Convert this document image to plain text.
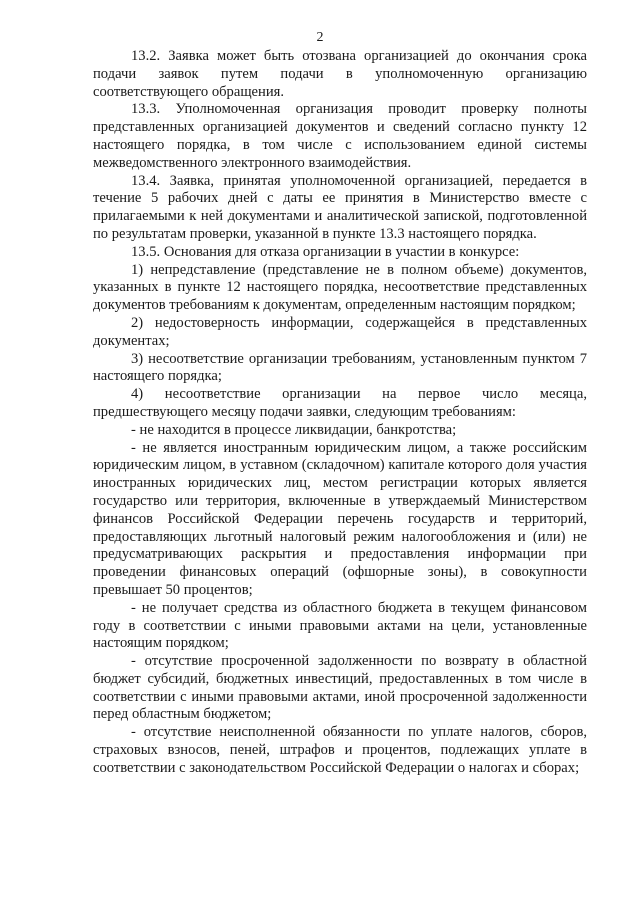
2

13.2. Заявка может быть отозвана организацией до окончания срока подачи заявок путем подачи в уполномоченную организацию соответствующего обращения.

13.3. Уполномоченная организация проводит проверку полноты представленных организацией документов и сведений согласно пункту 12 настоящего порядка, в том числе с использованием единой системы межведомственного электронного взаимодействия.

13.4. Заявка, принятая уполномоченной организацией, передается в течение 5 рабочих дней с даты ее принятия в Министерство вместе с прилагаемыми к ней документами и аналитической запиской, подготовленной по результатам проверки, указанной в пункте 13.3 настоящего порядка.

13.5. Основания для отказа организации в участии в конкурсе:

1) непредставление (представление не в полном объеме) документов, указанных в пункте 12 настоящего порядка, несоответствие представленных документов требованиям к документам, определенным настоящим порядком;

2) недостоверность информации, содержащейся в представленных документах;

3) несоответствие организации требованиям, установленным пунктом 7 настоящего порядка;

4) несоответствие организации на первое число месяца, предшествующего месяцу подачи заявки, следующим требованиям:

- не находится в процессе ликвидации, банкротства;

- не является иностранным юридическим лицом, а также российским юридическим лицом, в уставном (складочном) капитале которого доля участия иностранных юридических лиц, местом регистрации которых является государство или территория, включенные в утверждаемый Министерством финансов Российской Федерации перечень государств и территорий, предоставляющих льготный налоговый режим налогообложения и (или) не предусматривающих раскрытия и предоставления информации при проведении финансовых операций (офшорные зоны), в совокупности превышает 50 процентов;

- не получает средства из областного бюджета в текущем финансовом году в соответствии с иными правовыми актами на цели, установленные настоящим порядком;

- отсутствие просроченной задолженности по возврату в областной бюджет субсидий, бюджетных инвестиций, предоставленных в том числе в соответствии с иными правовыми актами, иной просроченной задолженности перед областным бюджетом;

- отсутствие неисполненной обязанности по уплате налогов, сборов, страховых взносов, пеней, штрафов и процентов, подлежащих уплате в соответствии с законодательством Российской Федерации о налогах и сборах;
